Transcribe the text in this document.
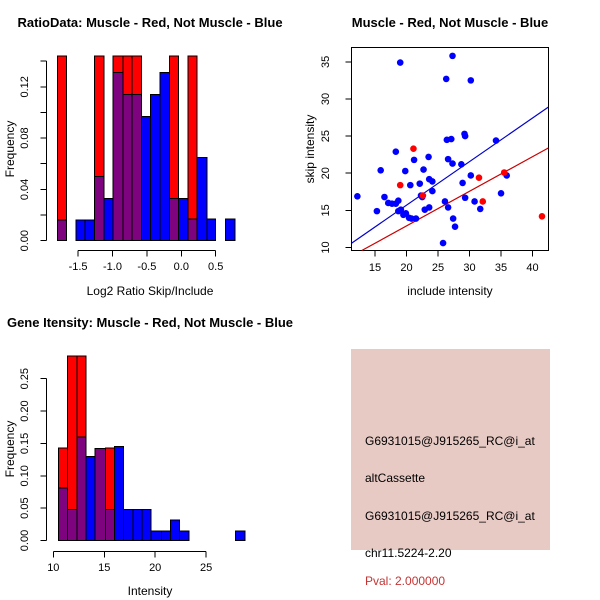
RatioData: Muscle - Red, Not Muscle - Blue
-1.5 -1.0 -0.5 0.0 0.5
0.00
0.04
0.08
0.12
Log2 Ratio Skip/Include
Frequency
Muscle - Red, Not Muscle - Blue
15 20 25 30 35 40
10
15
20
25
30
35
include intensity
skip intensity
Gene Itensity: Muscle - Red, Not Muscle - Blue
10	15	20	25
0.00
0.05
0.10
0.15
0.20
0.25
Intensity
Frequency	G6931015@J915265_RC@i_at
altCassette
G6931015@J915265_RC@i_at
chr11.5224-2.20
Pval: 2.000000
